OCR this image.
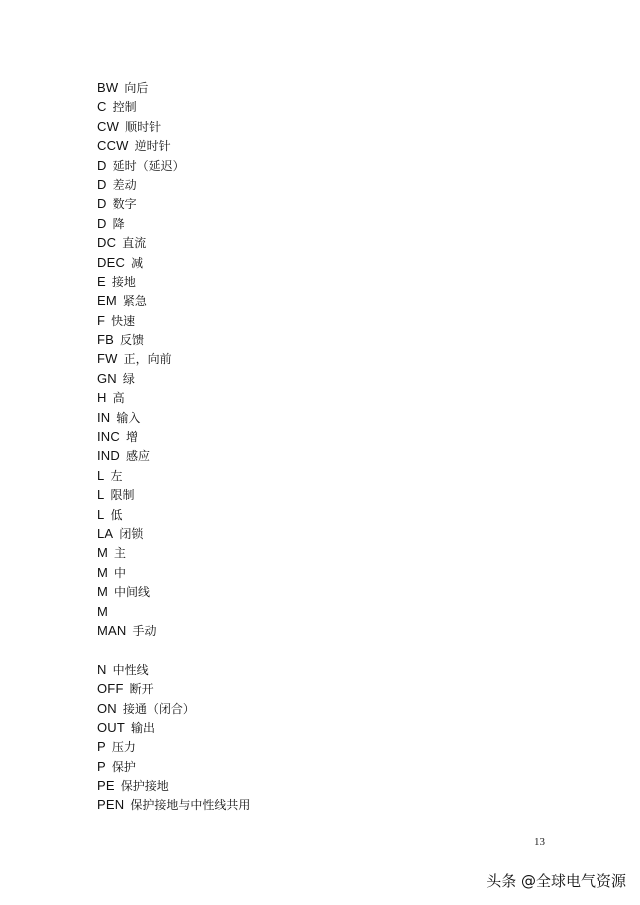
BW 向后
C 控制
CW 顺时针
CCW 逆时针
D 延时（延迟）
D 差动
D 数字
D 降
DC 直流
DEC 减
E 接地
EM 紧急
F 快速
FB 反馈
FW 正，向前
GN 绿
H 高
IN 输入
INC 增
IND 感应
L 左
L 限制
L 低
LA 闭锁
M 主
M 中
M 中间线
M
MAN 手动
N 中性线
OFF 断开
ON 接通（闭合）
OUT 输出
P 压力
P 保护
PE 保护接地
PEN 保护接地与中性线共用
13
头条 @全球电气资源
